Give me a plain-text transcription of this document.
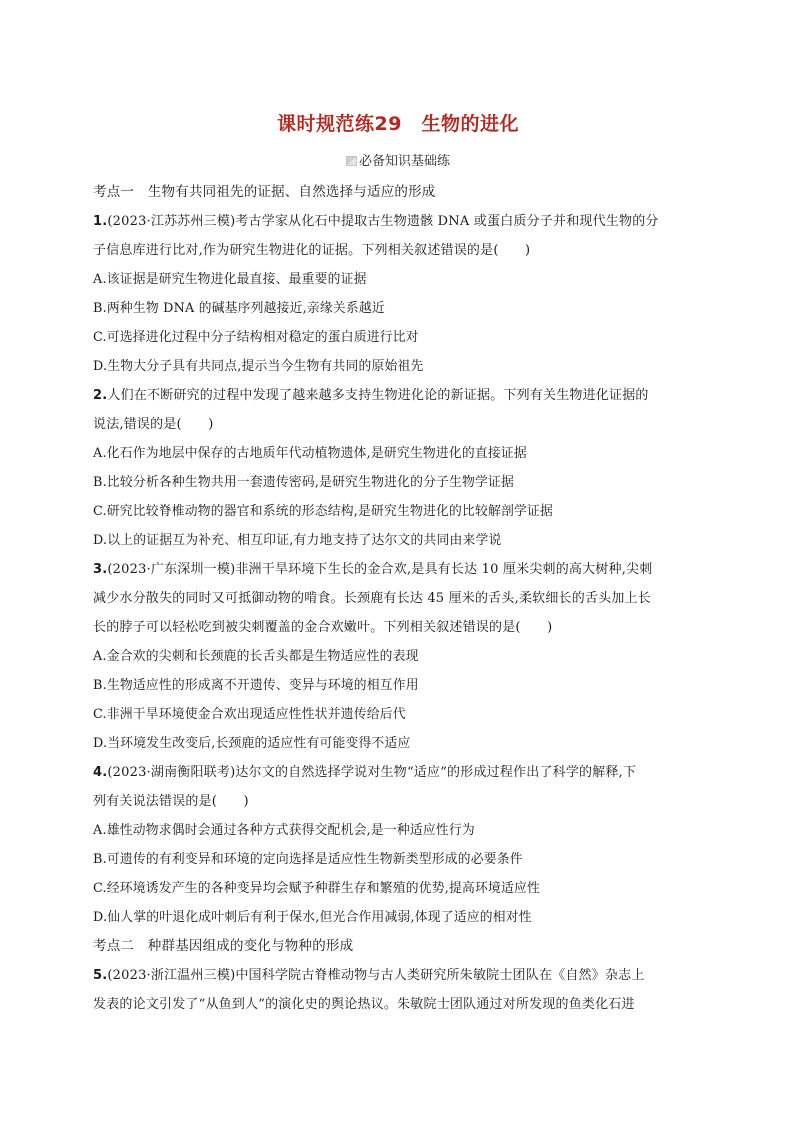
课时规范练29　生物的进化
必备知识基础练
考点一　生物有共同祖先的证据、自然选择与适应的形成
1.(2023·江苏苏州三模)考古学家从化石中提取古生物遗骸 DNA 或蛋白质分子并和现代生物的分
子信息库进行比对,作为研究生物进化的证据。下列相关叙述错误的是(　　)
A.该证据是研究生物进化最直接、最重要的证据
B.两种生物 DNA 的碱基序列越接近,亲缘关系越近
C.可选择进化过程中分子结构相对稳定的蛋白质进行比对
D.生物大分子具有共同点,提示当今生物有共同的原始祖先
2.人们在不断研究的过程中发现了越来越多支持生物进化论的新证据。下列有关生物进化证据的
说法,错误的是(　　)
A.化石作为地层中保存的古地质年代动植物遗体,是研究生物进化的直接证据
B.比较分析各种生物共用一套遗传密码,是研究生物进化的分子生物学证据
C.研究比较脊椎动物的器官和系统的形态结构,是研究生物进化的比较解剖学证据
D.以上的证据互为补充、相互印证,有力地支持了达尔文的共同由来学说
3.(2023·广东深圳一模)非洲干旱环境下生长的金合欢,是具有长达 10 厘米尖刺的高大树种,尖刺
减少水分散失的同时又可抵御动物的啃食。长颈鹿有长达 45 厘米的舌头,柔软细长的舌头加上长
长的脖子可以轻松吃到被尖刺覆盖的金合欢嫩叶。下列相关叙述错误的是(　　)
A.金合欢的尖刺和长颈鹿的长舌头都是生物适应性的表现
B.生物适应性的形成离不开遗传、变异与环境的相互作用
C.非洲干旱环境使金合欢出现适应性性状并遗传给后代
D.当环境发生改变后,长颈鹿的适应性有可能变得不适应
4.(2023·湖南衡阳联考)达尔文的自然选择学说对生物“适应”的形成过程作出了科学的解释,下
列有关说法错误的是(　　)
A.雄性动物求偶时会通过各种方式获得交配机会,是一种适应性行为
B.可遗传的有利变异和环境的定向选择是适应性生物新类型形成的必要条件
C.经环境诱发产生的各种变异均会赋予种群生存和繁殖的优势,提高环境适应性
D.仙人掌的叶退化成叶刺后有利于保水,但光合作用减弱,体现了适应的相对性
考点二　种群基因组成的变化与物种的形成
5.(2023·浙江温州三模)中国科学院古脊椎动物与古人类研究所朱敏院士团队在《自然》杂志上
发表的论文引发了“从鱼到人”的演化史的舆论热议。朱敏院士团队通过对所发现的鱼类化石进
